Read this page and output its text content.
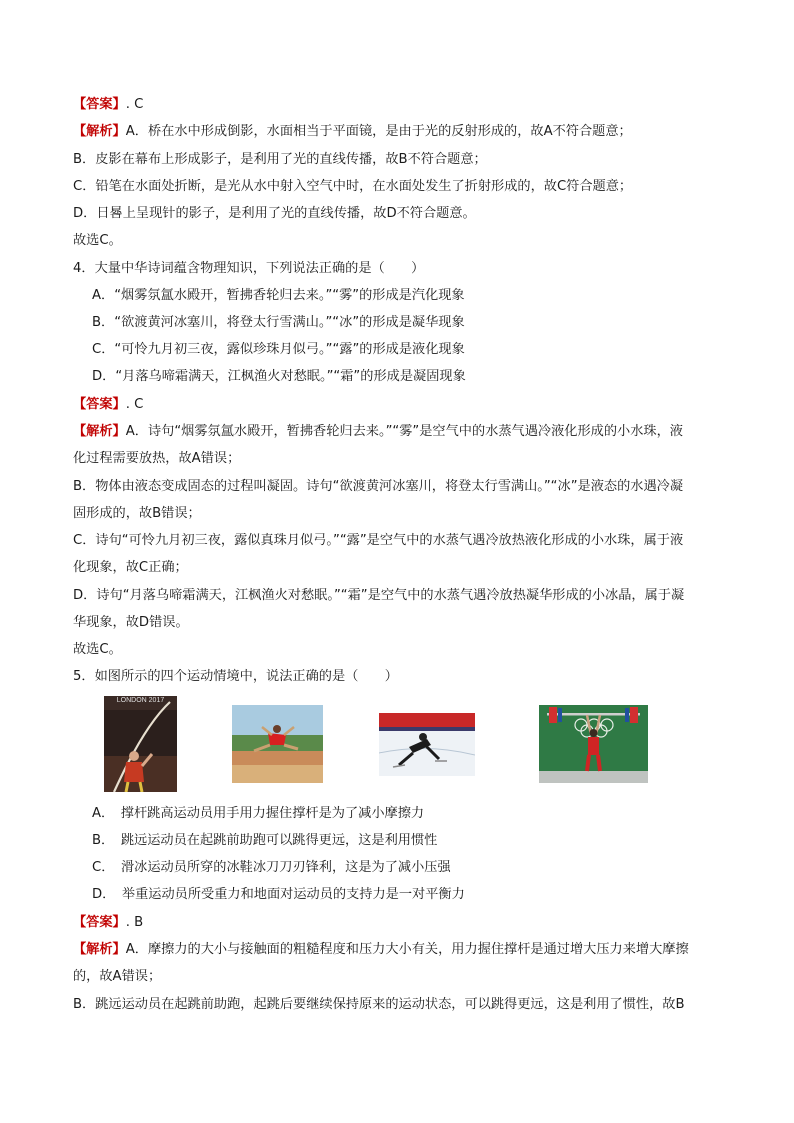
【答案】. C
【解析】A．桥在水中形成倒影，水面相当于平面镜，是由于光的反射形成的，故A不符合题意；
B．皮影在幕布上形成影子，是利用了光的直线传播，故B不符合题意；
C．铅笔在水面处折断，是光从水中射入空气中时，在水面处发生了折射形成的，故C符合题意；
D．日晷上呈现针的影子，是利用了光的直线传播，故D不符合题意。
故选C。
4．大量中华诗词蕴含物理知识，下列说法正确的是（　　）
A．“烟雾氛氲水殿开，暂拂香轮归去来。”“雾”的形成是汽化现象
B．“欲渡黄河冰塞川，将登太行雪满山。”“冰”的形成是凝华现象
C．“可怜九月初三夜，露似珍珠月似弓。”“露”的形成是液化现象
D．“月落乌啼霜满天，江枫渔火对愁眠。”“霜”的形成是凝固现象
【答案】. C
【解析】A．诗句“烟雾氛氲水殿开，暂拂香轮归去来。”“雾”是空气中的水蒸气遇冷液化形成的小水珠，液
化过程需要放热，故A错误；
B．物体由液态变成固态的过程叫凝固。诗句“欲渡黄河冰塞川，将登太行雪满山。”“冰”是液态的水遇冷凝
固形成的，故B错误；
C．诗句“可怜九月初三夜，露似真珠月似弓。”“露”是空气中的水蒸气遇冷放热液化形成的小水珠，属于液
化现象，故C正确；
D．诗句“月落乌啼霜满天，江枫渔火对愁眠。”“霜”是空气中的水蒸气遇冷放热凝华形成的小冰晶，属于凝
华现象，故D错误。
故选C。
5．如图所示的四个运动情境中，说法正确的是（　　）
LONDON 2017
A．　撑杆跳高运动员用手用力握住撑杆是为了减小摩擦力
B．　跳远运动员在起跳前助跑可以跳得更远，这是利用惯性
C．　滑冰运动员所穿的冰鞋冰刀刀刃锋利，这是为了减小压强
D．　举重运动员所受重力和地面对运动员的支持力是一对平衡力
【答案】. B
【解析】A．摩擦力的大小与接触面的粗糙程度和压力大小有关，用力握住撑杆是通过增大压力来增大摩擦
的，故A错误；
B．跳远运动员在起跳前助跑，起跳后要继续保持原来的运动状态，可以跳得更远，这是利用了惯性，故B
